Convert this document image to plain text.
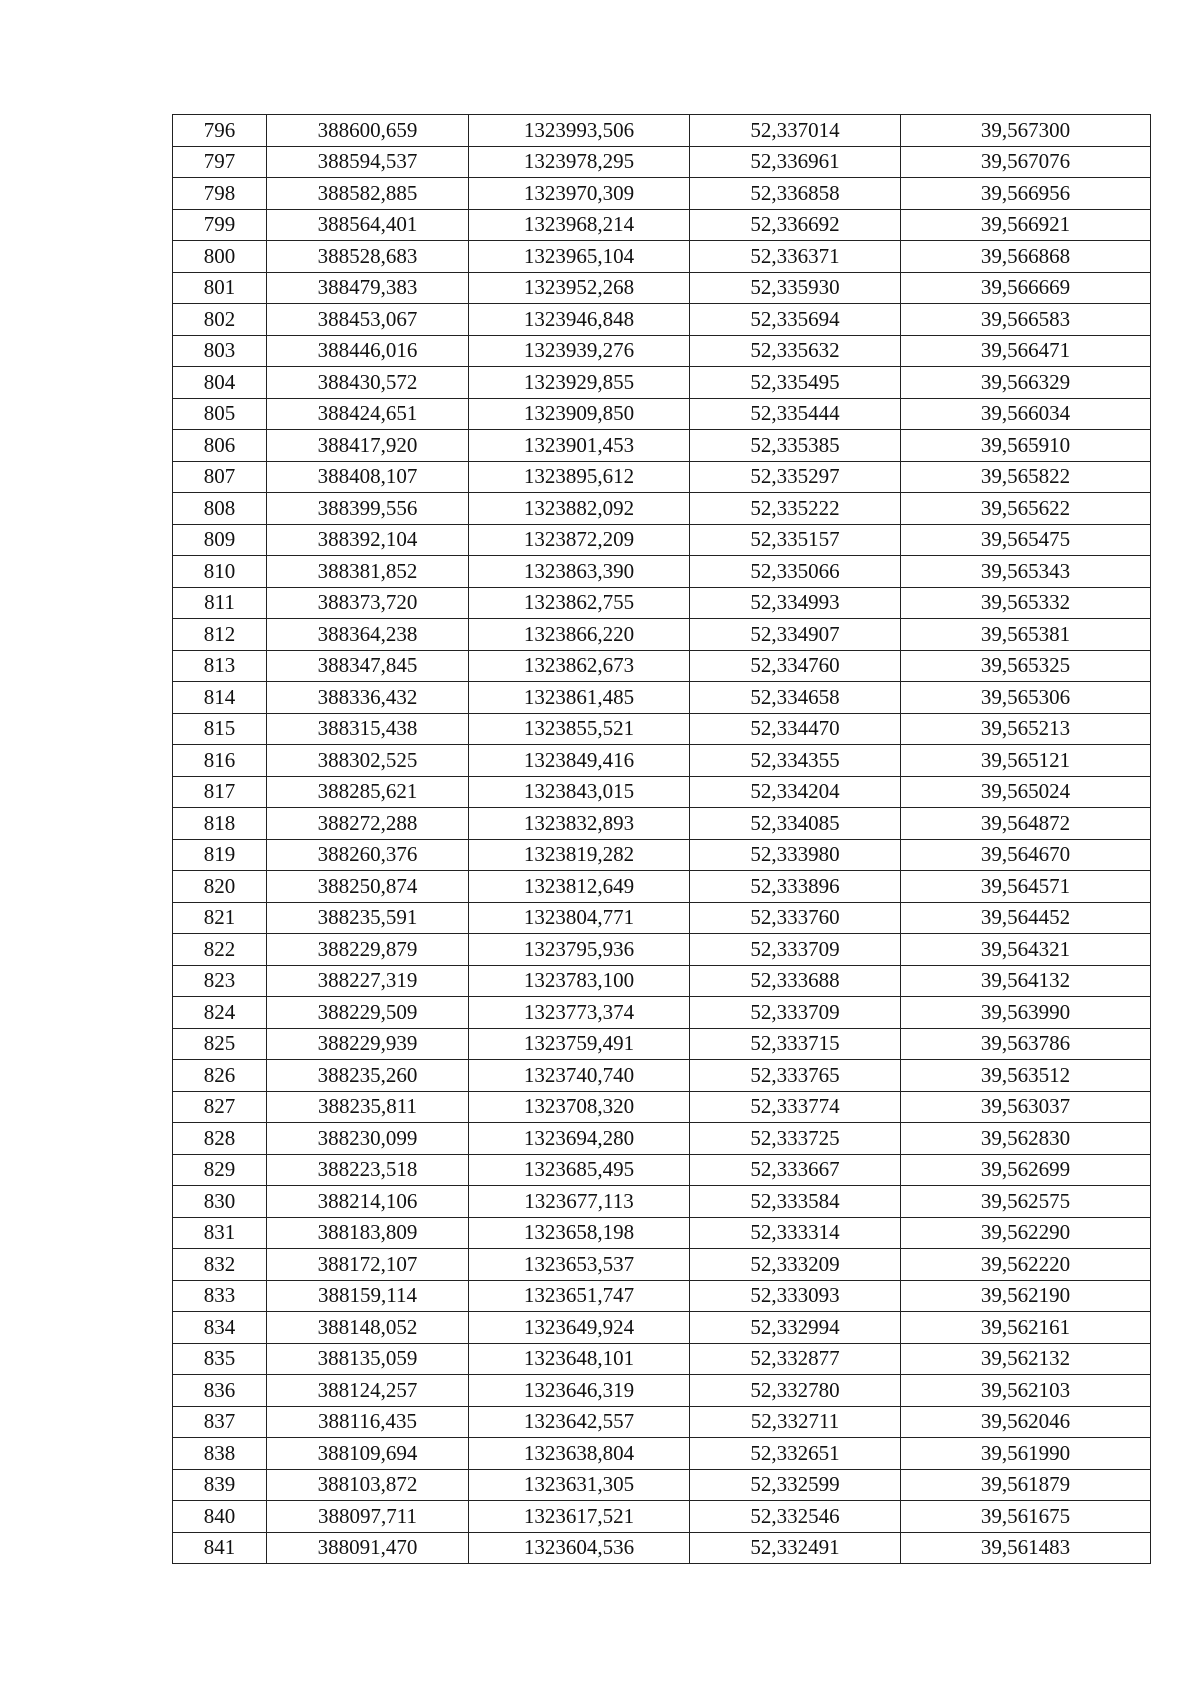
796	388600,659	1323993,506	52,337014	39,567300
797	388594,537	1323978,295	52,336961	39,567076
798	388582,885	1323970,309	52,336858	39,566956
799	388564,401	1323968,214	52,336692	39,566921
800	388528,683	1323965,104	52,336371	39,566868
801	388479,383	1323952,268	52,335930	39,566669
802	388453,067	1323946,848	52,335694	39,566583
803	388446,016	1323939,276	52,335632	39,566471
804	388430,572	1323929,855	52,335495	39,566329
805	388424,651	1323909,850	52,335444	39,566034
806	388417,920	1323901,453	52,335385	39,565910
807	388408,107	1323895,612	52,335297	39,565822
808	388399,556	1323882,092	52,335222	39,565622
809	388392,104	1323872,209	52,335157	39,565475
810	388381,852	1323863,390	52,335066	39,565343
811	388373,720	1323862,755	52,334993	39,565332
812	388364,238	1323866,220	52,334907	39,565381
813	388347,845	1323862,673	52,334760	39,565325
814	388336,432	1323861,485	52,334658	39,565306
815	388315,438	1323855,521	52,334470	39,565213
816	388302,525	1323849,416	52,334355	39,565121
817	388285,621	1323843,015	52,334204	39,565024
818	388272,288	1323832,893	52,334085	39,564872
819	388260,376	1323819,282	52,333980	39,564670
820	388250,874	1323812,649	52,333896	39,564571
821	388235,591	1323804,771	52,333760	39,564452
822	388229,879	1323795,936	52,333709	39,564321
823	388227,319	1323783,100	52,333688	39,564132
824	388229,509	1323773,374	52,333709	39,563990
825	388229,939	1323759,491	52,333715	39,563786
826	388235,260	1323740,740	52,333765	39,563512
827	388235,811	1323708,320	52,333774	39,563037
828	388230,099	1323694,280	52,333725	39,562830
829	388223,518	1323685,495	52,333667	39,562699
830	388214,106	1323677,113	52,333584	39,562575
831	388183,809	1323658,198	52,333314	39,562290
832	388172,107	1323653,537	52,333209	39,562220
833	388159,114	1323651,747	52,333093	39,562190
834	388148,052	1323649,924	52,332994	39,562161
835	388135,059	1323648,101	52,332877	39,562132
836	388124,257	1323646,319	52,332780	39,562103
837	388116,435	1323642,557	52,332711	39,562046
838	388109,694	1323638,804	52,332651	39,561990
839	388103,872	1323631,305	52,332599	39,561879
840	388097,711	1323617,521	52,332546	39,561675
841	388091,470	1323604,536	52,332491	39,561483
